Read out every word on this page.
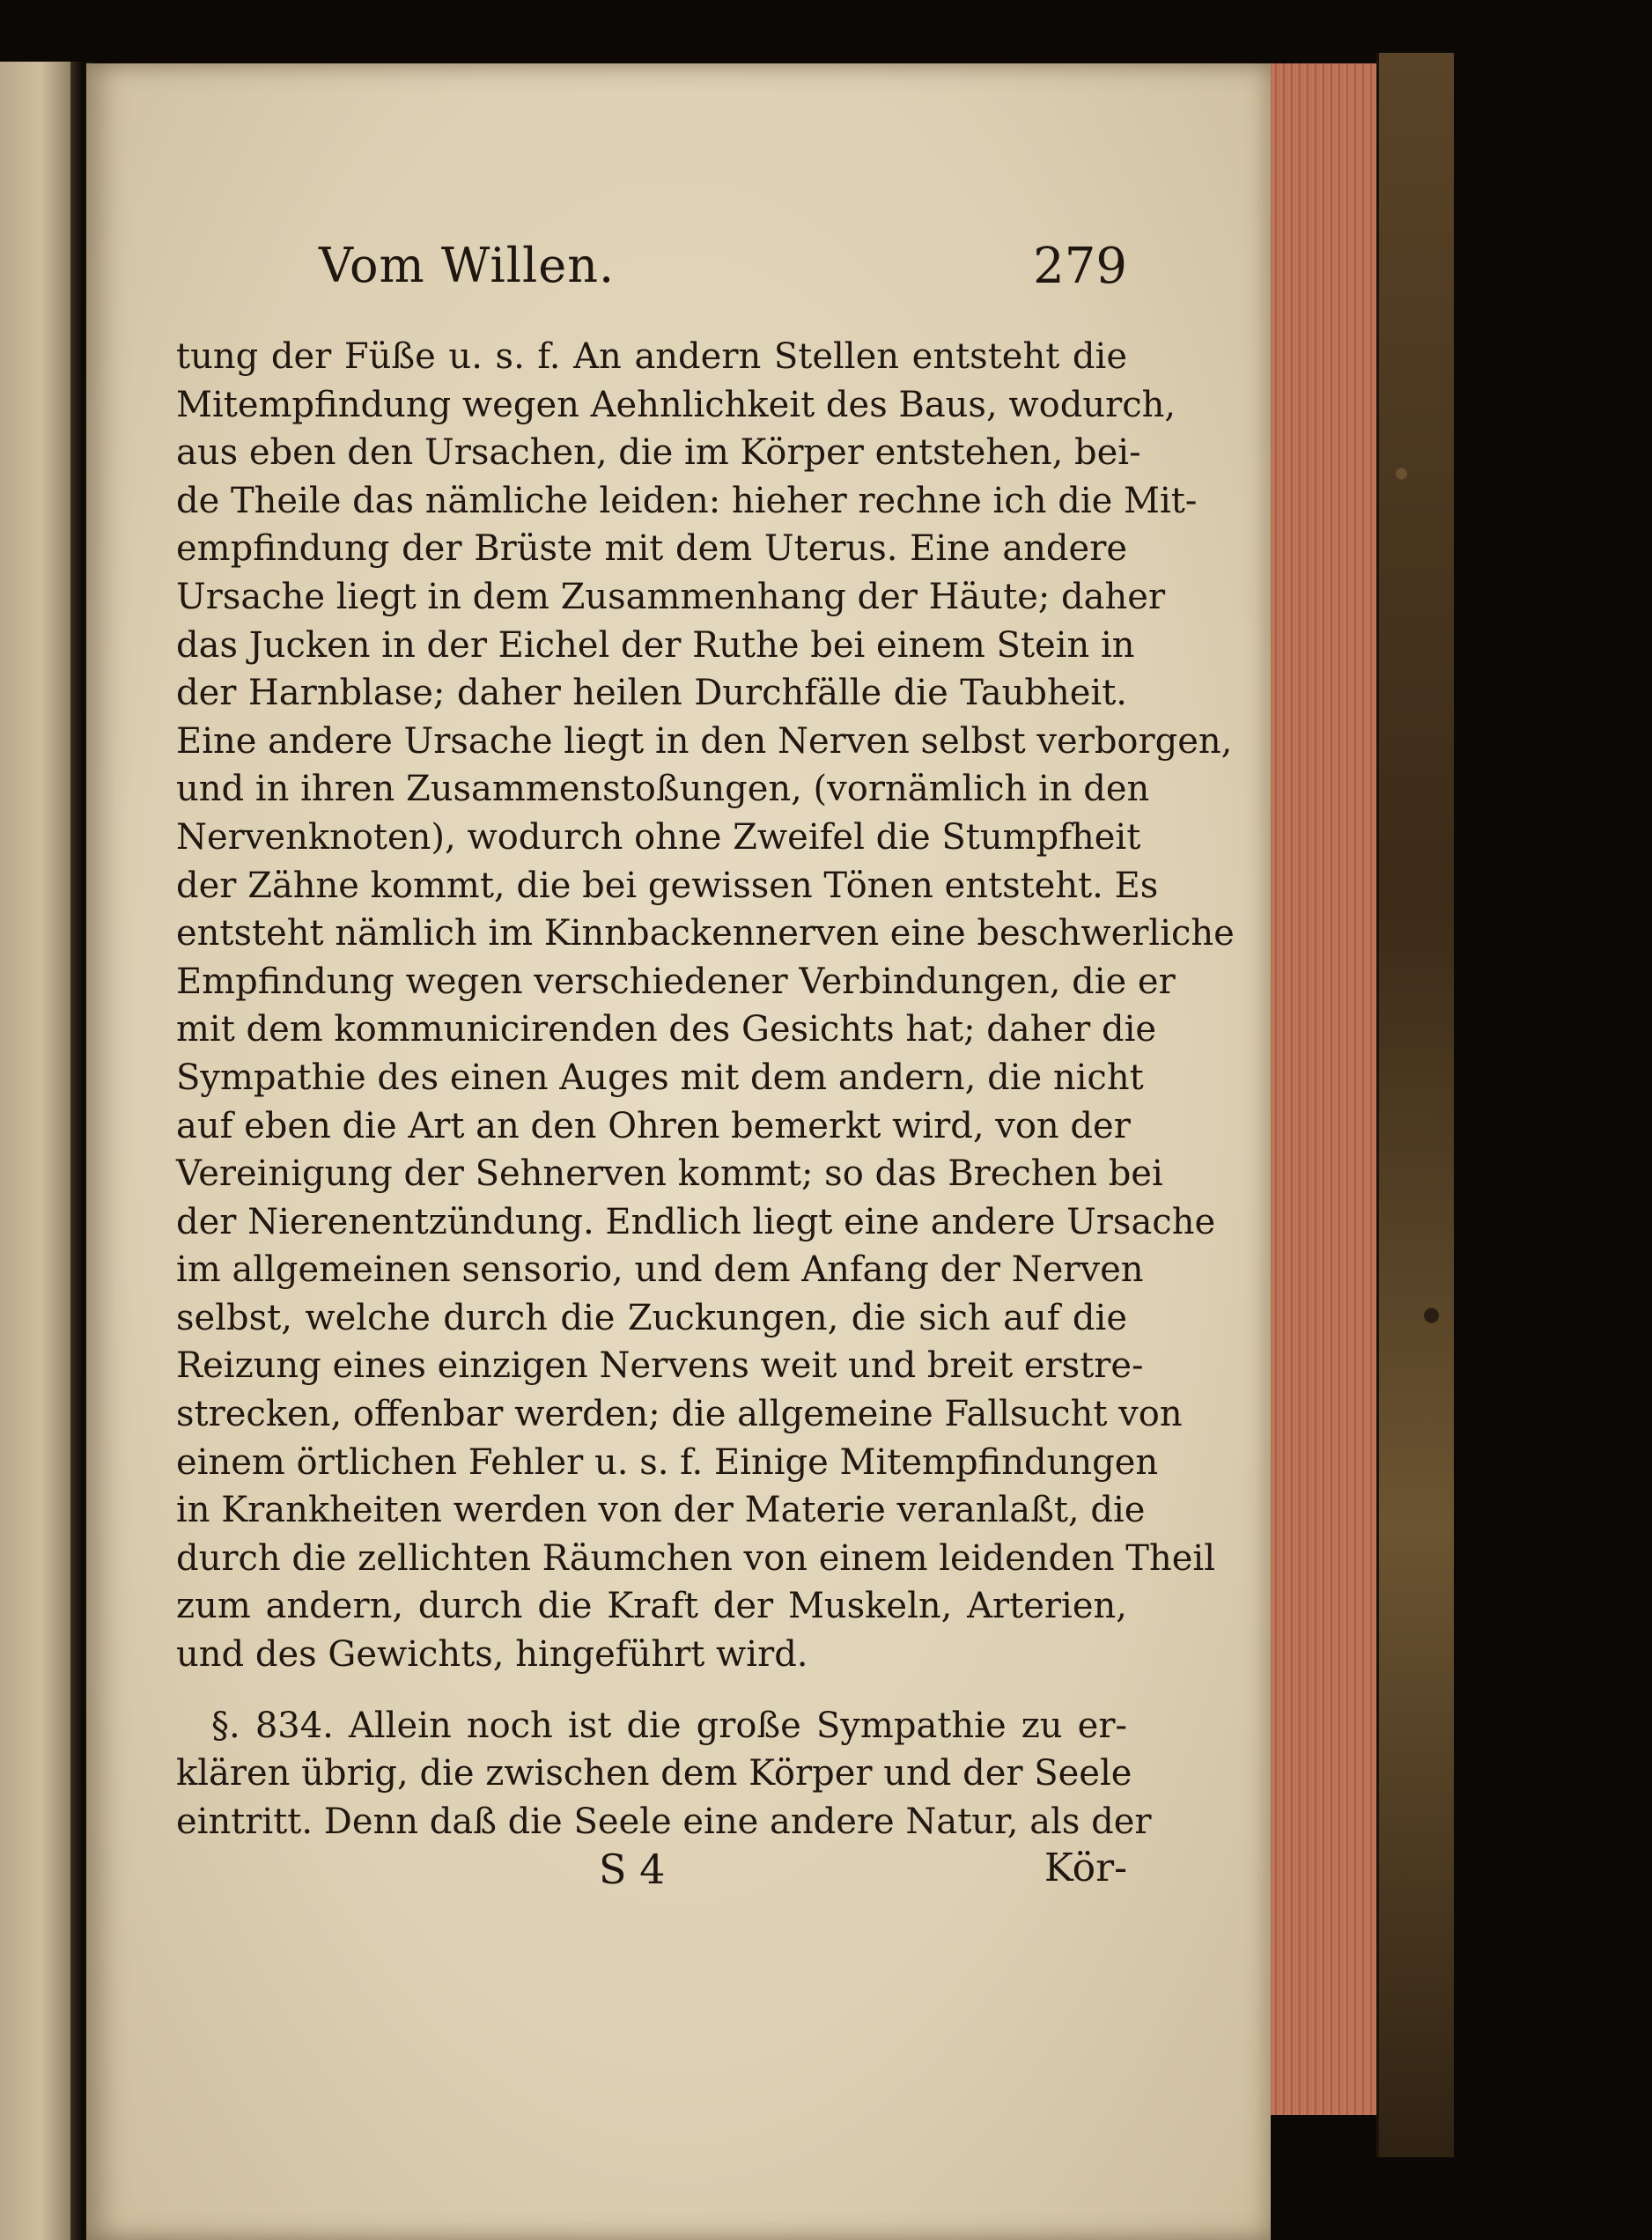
Vom Willen.	279
tung der Füße u. s. f. An andern Stellen entsteht die
Mitempfindung wegen Aehnlichkeit des Baus, wodurch,
aus eben den Ursachen, die im Körper entstehen, bei-
de Theile das nämliche leiden: hieher rechne ich die Mit-
empfindung der Brüste mit dem Uterus. Eine andere
Ursache liegt in dem Zusammenhang der Häute; daher
das Jucken in der Eichel der Ruthe bei einem Stein in
der Harnblase; daher heilen Durchfälle die Taubheit.
Eine andere Ursache liegt in den Nerven selbst verborgen,
und in ihren Zusammenstoßungen, (vornämlich in den
Nervenknoten), wodurch ohne Zweifel die Stumpfheit
der Zähne kommt, die bei gewissen Tönen entsteht. Es
entsteht nämlich im Kinnbackennerven eine beschwerliche
Empfindung wegen verschiedener Verbindungen, die er
mit dem kommunicirenden des Gesichts hat; daher die
Sympathie des einen Auges mit dem andern, die nicht
auf eben die Art an den Ohren bemerkt wird, von der
Vereinigung der Sehnerven kommt; so das Brechen bei
der Nierenentzündung. Endlich liegt eine andere Ursache
im allgemeinen sensorio, und dem Anfang der Nerven
selbst, welche durch die Zuckungen, die sich auf die
Reizung eines einzigen Nervens weit und breit erstre-
strecken, offenbar werden; die allgemeine Fallsucht von
einem örtlichen Fehler u. s. f. Einige Mitempfindungen
in Krankheiten werden von der Materie veranlaßt, die
durch die zellichten Räumchen von einem leidenden Theil
zum andern, durch die Kraft der Muskeln, Arterien,
und des Gewichts, hingeführt wird.
§. 834. Allein noch ist die große Sympathie zu er-
klären übrig, die zwischen dem Körper und der Seele
eintritt. Denn daß die Seele eine andere Natur, als der
S 4	Kör-
